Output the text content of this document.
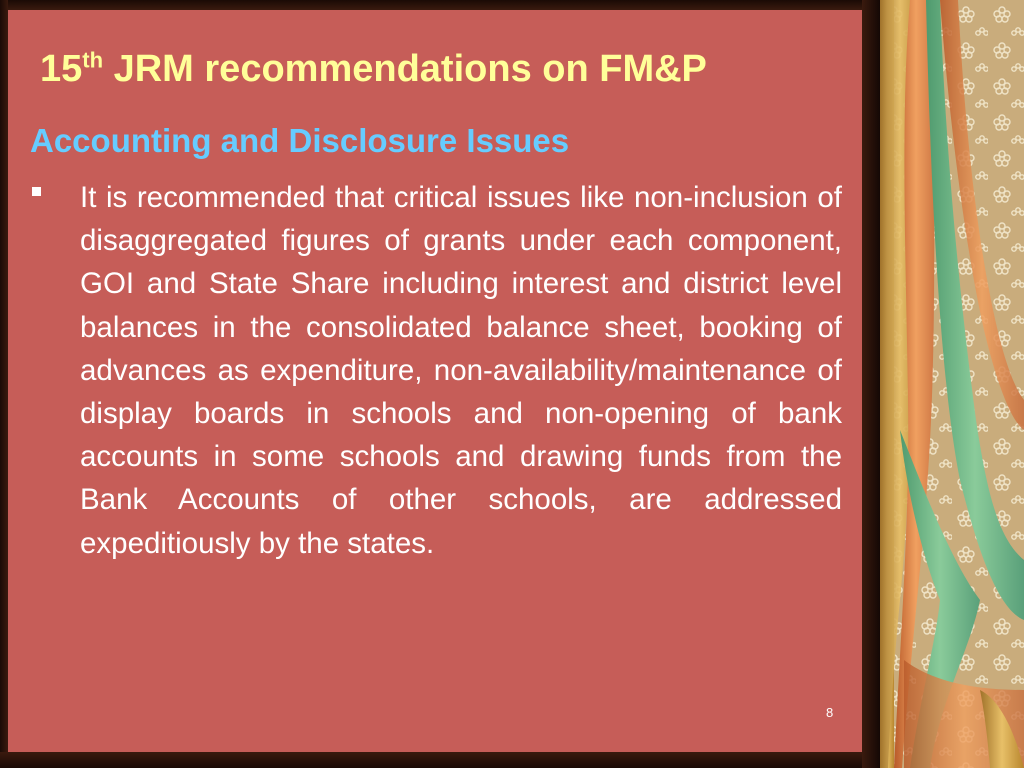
15th JRM recommendations on FM&P
Accounting and Disclosure Issues

It is recommended that critical issues like non-inclusion of disaggregated figures of grants under each component, GOI and State Share including interest and district level balances in the consolidated balance sheet, booking of advances as expenditure, non-availability/maintenance of display boards in schools and non-opening of bank accounts in some schools and drawing funds from the Bank Accounts of other schools, are addressed expeditiously by the states.

8
